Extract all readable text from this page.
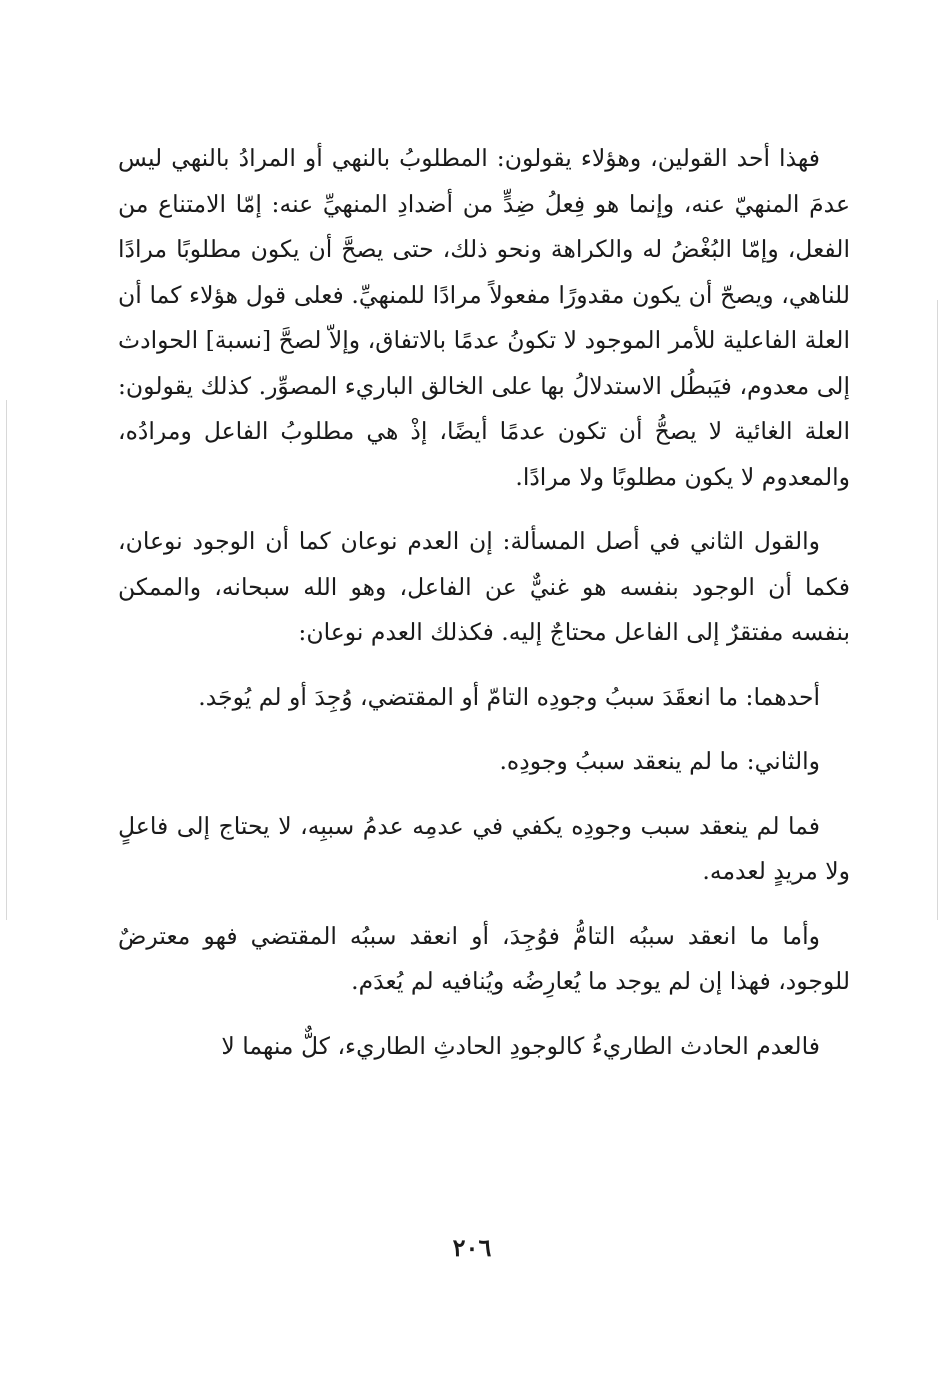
فهذا أحد القولين، وهؤلاء يقولون: المطلوبُ بالنهي أو المرادُ بالنهي ليس عدمَ المنهيّ عنه، وإنما هو فِعلُ ضِدٍّ من أضدادِ المنهيِّ عنه: إمّا الامتناع من الفعل، وإمّا البُغْضُ له والكراهة ونحو ذلك، حتى يصحَّ أن يكون مطلوبًا مرادًا للناهي، ويصحّ أن يكون مقدورًا مفعولاً مرادًا للمنهيِّ. فعلى قول هؤلاء كما أن العلة الفاعلية للأمر الموجود لا تكونُ عدمًا بالاتفاق، وإلاّ لصحَّ [نسبة] الحوادث إلى معدوم، فيَبطُل الاستدلالُ بها على الخالق الباريء المصوِّر. كذلك يقولون: العلة الغائية لا يصحُّ أن تكون عدمًا أيضًا، إذْ هي مطلوبُ الفاعل ومرادُه، والمعدوم لا يكون مطلوبًا ولا مرادًا.

والقول الثاني في أصل المسألة: إن العدم نوعان كما أن الوجود نوعان، فكما أن الوجود بنفسه هو غنيٌّ عن الفاعل، وهو الله سبحانه، والممكن بنفسه مفتقرٌ إلى الفاعل محتاجٌ إليه. فكذلك العدم نوعان:

أحدهما: ما انعقَدَ سببُ وجودِه التامّ أو المقتضي، وُجِدَ أو لم يُوجَد.

والثاني: ما لم ينعقد سببُ وجودِه.

فما لم ينعقد سبب وجودِه يكفي في عدمِه عدمُ سببِه، لا يحتاج إلى فاعلٍ ولا مريدٍ لعدمه.

وأما ما انعقد سببُه التامُّ فوُجِدَ، أو انعقد سببُه المقتضي فهو معترضٌ للوجود، فهذا إن لم يوجد ما يُعارِضُه ويُنافيه لم يُعدَم.

فالعدم الحادث الطاريءُ كالوجودِ الحادثِ الطاريء، كلٌّ منهما لا

٢٠٦
